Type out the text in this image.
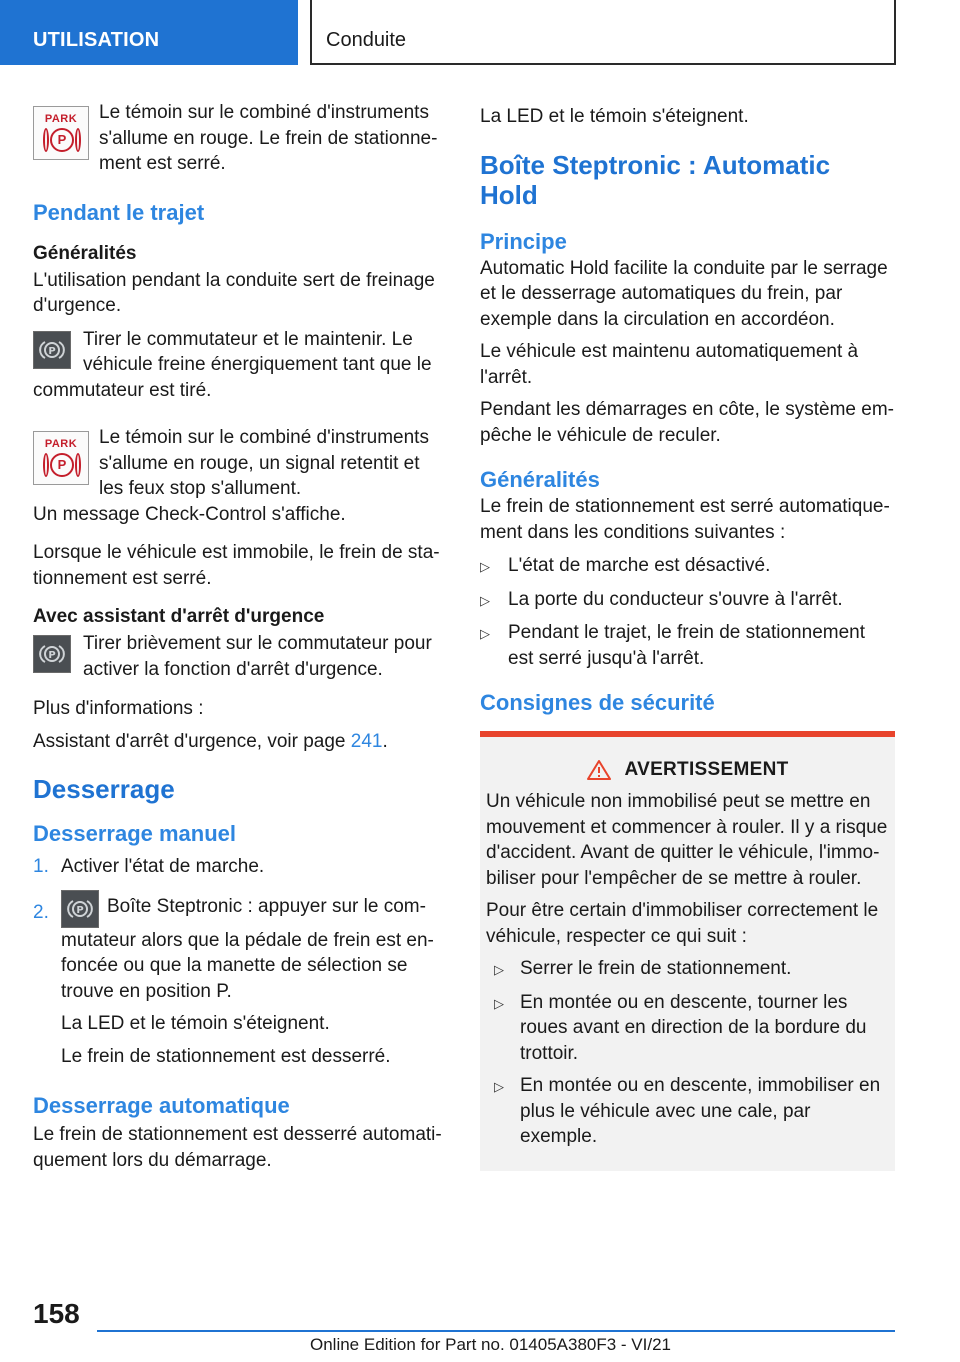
UTILISATION	Conduite
PARK
P

Le témoin sur le combiné d'instruments s'allume en rouge. Le frein de stationnement est serré.

Pendant le trajet
Généralités

L'utilisation pendant la conduite sert de freinage d'urgence.

P

Tirer le commutateur et le maintenir. Le véhicule freine énergiquement tant que le

commutateur est tiré.

PARK
P

Le témoin sur le combiné d'instruments s'allume en rouge, un signal retentit et les feux stop s'allument.

Un message Check-Control s'affiche.

Lorsque le véhicule est immobile, le frein de stationnement est serré.

Avec assistant d'arrêt d'urgence
P

Tirer brièvement sur le commutateur pour activer la fonction d'arrêt d'urgence.

Plus d'informations :

Assistant d'arrêt d'urgence, voir page 241.

Desserrage
Desserrage manuel
1. Activer l'état de marche.
2.	P Boîte Steptronic : appuyer sur le commutateur alors que la pédale de frein est enfoncée ou que la manette de sélection se trouve en position P.

La LED et le témoin s'éteignent.

Le frein de stationnement est desserré.

Desserrage automatique

Le frein de stationnement est desserré automatiquement lors du démarrage.

La LED et le témoin s'éteignent.

Boîte Steptronic : Automatic Hold
Principe

Automatic Hold facilite la conduite par le serrage et le desserrage automatiques du frein, par exemple dans la circulation en accordéon.

Le véhicule est maintenu automatiquement à l'arrêt.

Pendant les démarrages en côte, le système empêche le véhicule de reculer.

Généralités

Le frein de stationnement est serré automatiquement dans les conditions suivantes :

▷ L'état de marche est désactivé.
▷ La porte du conducteur s'ouvre à l'arrêt.
▷ Pendant le trajet, le frein de stationnement est serré jusqu'à l'arrêt.
Consignes de sécurité
AVERTISSEMENT

Un véhicule non immobilisé peut se mettre en mouvement et commencer à rouler. Il y a risque d'accident. Avant de quitter le véhicule, l'immobiliser pour l'empêcher de se mettre à rouler.

Pour être certain d'immobiliser correctement le véhicule, respecter ce qui suit :

▷ Serrer le frein de stationnement.
▷ En montée ou en descente, tourner les roues avant en direction de la bordure du trottoir.
▷ En montée ou en descente, immobiliser en plus le véhicule avec une cale, par exemple.
158
Online Edition for Part no. 01405A380F3 - VI/21
